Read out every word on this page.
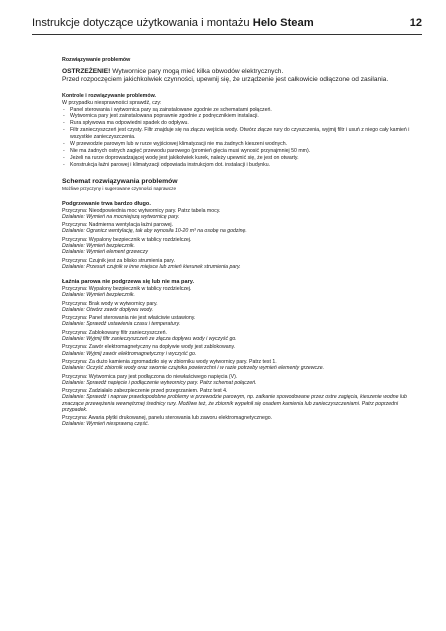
Instrukcje dotyczące użytkowania i montażu Helo Steam	12
Rozwiązywanie problemów
OSTRZEŻENIE! Wytwornice pary mogą mieć kilka obwodów elektrycznych.
Przed rozpoczęciem jakichkolwiek czynności, upewnij się, że urządzenie jest całkowicie odłączone od zasilania.
Kontrole i rozwiązywanie problemów.
W przypadku niesprawności sprawdź, czy:
- Panel sterowania i wytwornica pary są zainstalowane zgodnie ze schematami połączeń.
- Wytwornica pary jest zainstalowana poprawnie zgodnie z podręcznikiem instalacji.
- Rura spływowa ma odpowiedni spadek do odpływu.
- Filtr zanieczyszczeń jest czysty. Filtr znajduje się na złączu wejścia wody. Otwórz złącze rury do czyszczenia, wyjmij filtr i usuń z niego cały kamień i wszystkie zanieczyszczenia.
- W przewodzie parowym lub w rurze wyjściowej klimatyzacji nie ma żadnych kieszeni wodnych.
- Nie ma żadnych ostrych zagięć przewodu parowego (promień gięcia musi wynosić przynajmniej 50 mm).
- Jeżeli na rurze doprowadzającej wodę jest jakikolwiek kurek, należy upewnić się, że jest on otwarty.
- Konstrukcja łaźni parowej i klimatyzacji odpowiada instrukcjom dot. instalacji i budynku.
Schemat rozwiązywania problemów
Możliwe przyczyny i sugerowane czynności naprawcze
Podgrzewanie trwa bardzo długo.
Przyczyna: Nieodpowiednia moc wytwornicy pary. Patrz tabela mocy.
Działanie: Wymień na mocniejszą wytwornicę pary.
Przyczyna: Nadmierna wentylacja łaźni parowej.
Działanie: Ogranicz wentylację, tak aby wynosiła 10-20 m³ na osobę na godzinę.
Przyczyna: Wypalony bezpiecznik w tablicy rozdzielczej.
Działanie: Wymień bezpiecznik.
Działanie: Wymień element grzewczy
Przyczyna: Czujnik jest za blisko strumienia pary.
Działanie: Przesuń czujnik w inne miejsce lub zmień kierunek strumienia pary.
Łaźnia parowa nie podgrzewa się lub nie ma pary.
Przyczyna: Wypalony bezpiecznik w tablicy rozdzielczej.
Działanie: Wymień bezpiecznik.
Przyczyna: Brak wody w wytwornicy pary.
Działanie: Otwórz zawór dopływu wody.
Przyczyna: Panel sterowania nie jest właściwie ustawiony.
Działanie: Sprawdź ustawienia czasu i temperatury.
Przyczyna: Zablokowany filtr zanieczyszczeń.
Działanie: Wyjmij filtr zanieczyszczeń ze złącza dopływu wody i wyczyść go.
Przyczyna: Zawór elektromagnetyczny na dopływie wody jest zablokowany.
Działanie: Wyjmij zawór elektromagnetyczny i wyczyść go.
Przyczyna: Za dużo kamienia zgromadziło się w zbiorniku wody wytwornicy pary. Patrz test 1.
Działanie: Oczyść zbiornik wody oraz swornie czujnika powierzchni i w razie potrzeby wymień elementy grzewcze.
Przyczyna: Wytwornica pary jest podłączona do niewłaściwego napięcia (V).
Działanie: Sprawdź napięcie i podłączenie wytwornicy pary. Patrz schemat połączeń.
Przyczyna: Zadziałało zabezpieczenie przed przegrzaniem. Patrz test 4.
Działanie: Sprawdź i napraw prawdopodobne problemy w przewodzie parowym, np. zatkanie spowodowane przez ostre zagięcia, kieszenie wodne lub znaczące przewężenia wewnętrznej średnicy rury. Możliwe też, że zbiornik wypełnił się osadem kamienia lub zanieczyszczeniami. Patrz poprzedni przypadek.
Przyczyna: Awaria płytki drukowanej, panelu sterowania lub zaworu elektromagnetycznego.
Działanie: Wymień niesprawną część.
